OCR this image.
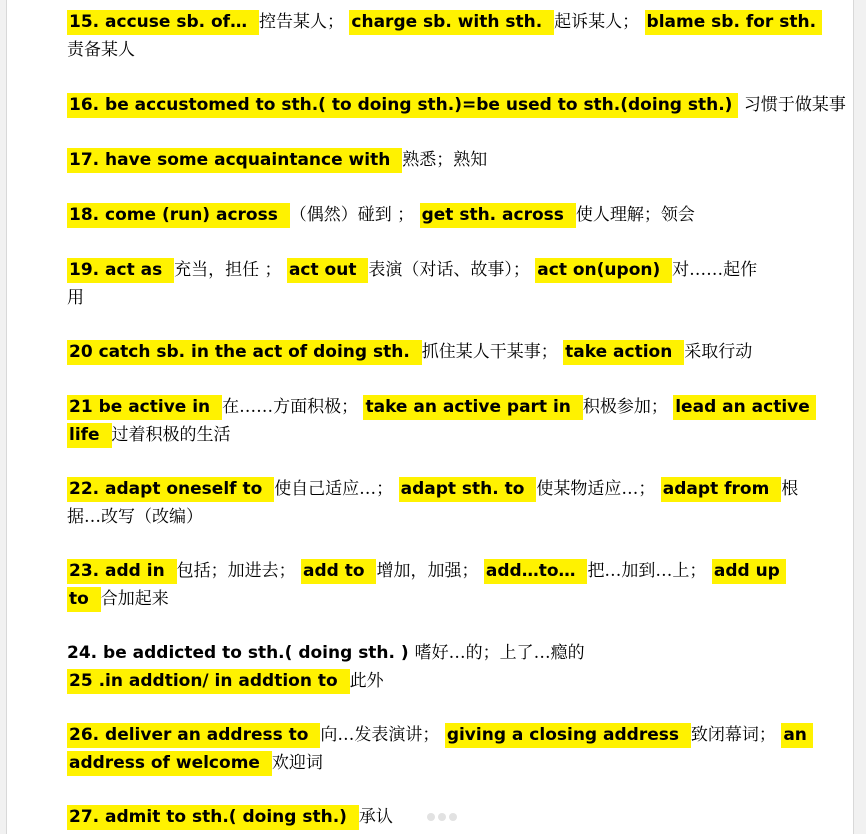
15. accuse sb. of… 控告某人； charge sb. with sth. 起诉某人； blame sb. for sth.
责备某人
16. be accustomed to sth.( to doing sth.)=be used to sth.(doing sth.) 习惯于做某事
17. have some acquaintance with 熟悉；熟知
18. come (run) across （偶然）碰到 ； get sth. across 使人理解；领会
19. act as 充当，担任 ； act out 表演（对话、故事）； act on(upon) 对……起作
用
20 catch sb. in the act of doing sth. 抓住某人干某事； take action 采取行动
21 be active in 在……方面积极； take an active part in 积极参加； lead an active
life 过着积极的生活
22. adapt oneself to 使自己适应…； adapt sth. to 使某物适应…； adapt from 根
据…改写（改编）
23. add in 包括；加进去； add to 增加，加强； add…to… 把…加到…上； add up
to 合加起来
24. be addicted to sth.( doing sth. ) 嗜好…的；上了…瘾的
25 .in addtion/ in addtion to 此外
26. deliver an address to 向…发表演讲； giving a closing address 致闭幕词； an
address of welcome 欢迎词
27. admit to sth.( doing sth.) 承认
